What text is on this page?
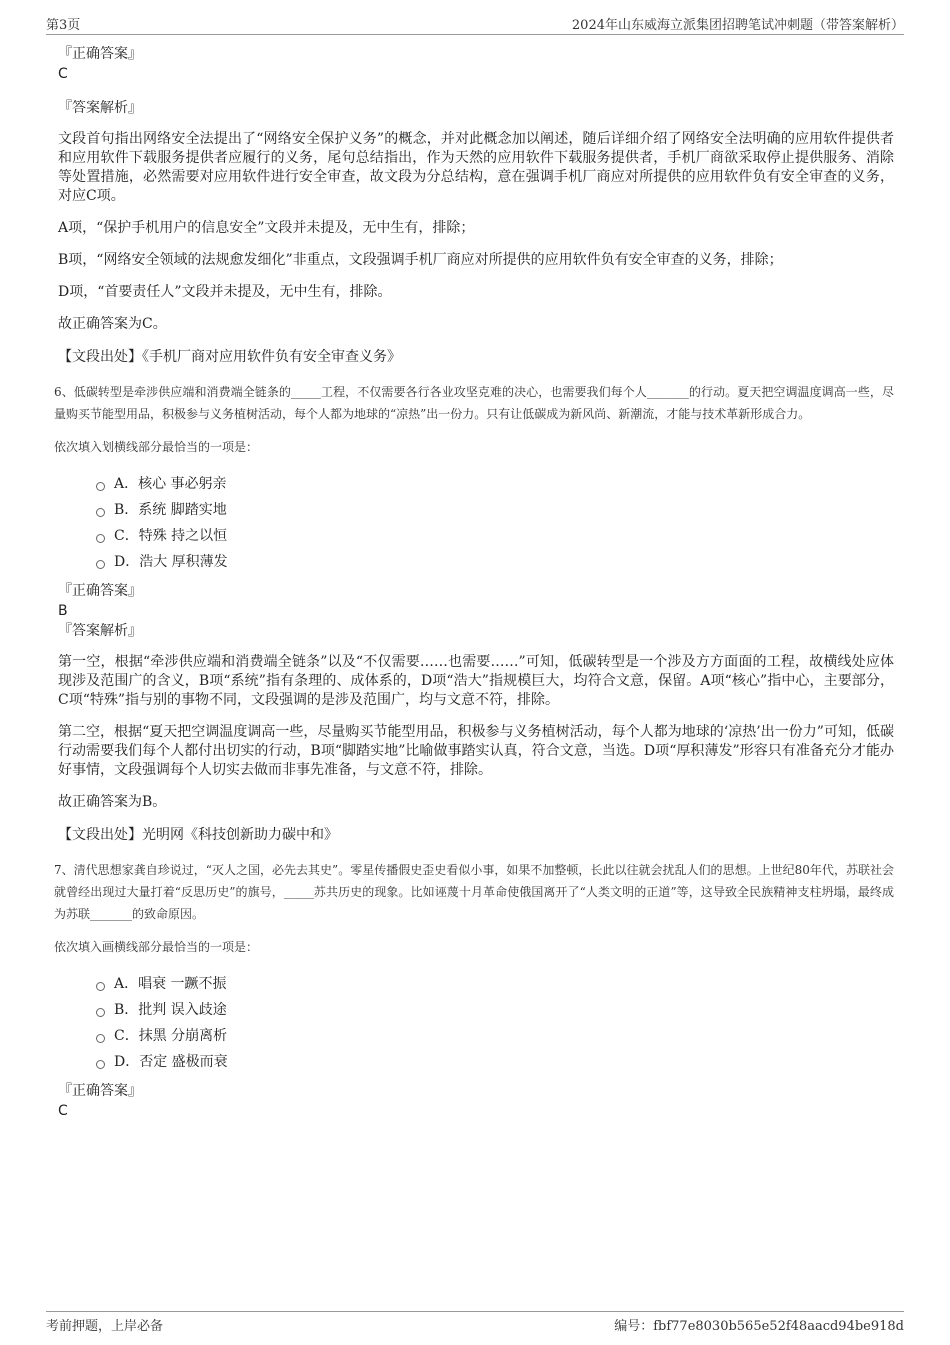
第3页	2024年山东威海立派集团招聘笔试冲刺题（带答案解析）
『正确答案』
C
『答案解析』

文段首句指出网络安全法提出了“网络安全保护义务”的概念，并对此概念加以阐述，随后详细介绍了网络安全法明确的应用软件提供者和应用软件下载服务提供者应履行的义务，尾句总结指出，作为天然的应用软件下载服务提供者，手机厂商欲采取停止提供服务、消除等处置措施，必然需要对应用软件进行安全审查，故文段为分总结构，意在强调手机厂商应对所提供的应用软件负有安全审查的义务，对应C项。

A项，“保护手机用户的信息安全”文段并未提及，无中生有，排除；

B项，“网络安全领域的法规愈发细化”非重点，文段强调手机厂商应对所提供的应用软件负有安全审查的义务，排除；

D项，“首要责任人”文段并未提及，无中生有，排除。

故正确答案为C。

【文段出处】《手机厂商对应用软件负有安全审查义务》

6、低碳转型是牵涉供应端和消费端全链条的_____工程，不仅需要各行各业攻坚克难的决心，也需要我们每个人_______的行动。夏天把空调温度调高一些，尽量购买节能型用品，积极参与义务植树活动，每个人都为地球的“凉热”出一份力。只有让低碳成为新风尚、新潮流，才能与技术革新形成合力。
依次填入划横线部分最恰当的一项是：
A．核心 事必躬亲
B．系统 脚踏实地
C．特殊 持之以恒
D．浩大 厚积薄发
『正确答案』
B
『答案解析』

第一空，根据“牵涉供应端和消费端全链条”以及“不仅需要……也需要……”可知，低碳转型是一个涉及方方面面的工程，故横线处应体现涉及范围广的含义，B项“系统”指有条理的、成体系的，D项“浩大”指规模巨大，均符合文意，保留。A项“核心”指中心，主要部分，C项“特殊”指与别的事物不同，文段强调的是涉及范围广，均与文意不符，排除。

第二空，根据“夏天把空调温度调高一些，尽量购买节能型用品，积极参与义务植树活动，每个人都为地球的‘凉热’出一份力”可知，低碳行动需要我们每个人都付出切实的行动，B项“脚踏实地”比喻做事踏实认真，符合文意，当选。D项“厚积薄发”形容只有准备充分才能办好事情，文段强调每个人切实去做而非事先准备，与文意不符，排除。

故正确答案为B。

【文段出处】光明网《科技创新助力碳中和》

7、清代思想家龚自珍说过，“灭人之国，必先去其史”。零星传播假史歪史看似小事，如果不加整顿，长此以往就会扰乱人们的思想。上世纪80年代，苏联社会就曾经出现过大量打着“反思历史”的旗号，_____苏共历史的现象。比如诬蔑十月革命使俄国离开了“人类文明的正道”等，这导致全民族精神支柱坍塌，最终成为苏联_______的致命原因。
依次填入画横线部分最恰当的一项是：
A．唱衰 一蹶不振
B．批判 误入歧途
C．抹黑 分崩离析
D．否定 盛极而衰
『正确答案』
C
考前押题，上岸必备	编号：fbf77e8030b565e52f48aacd94be918d
